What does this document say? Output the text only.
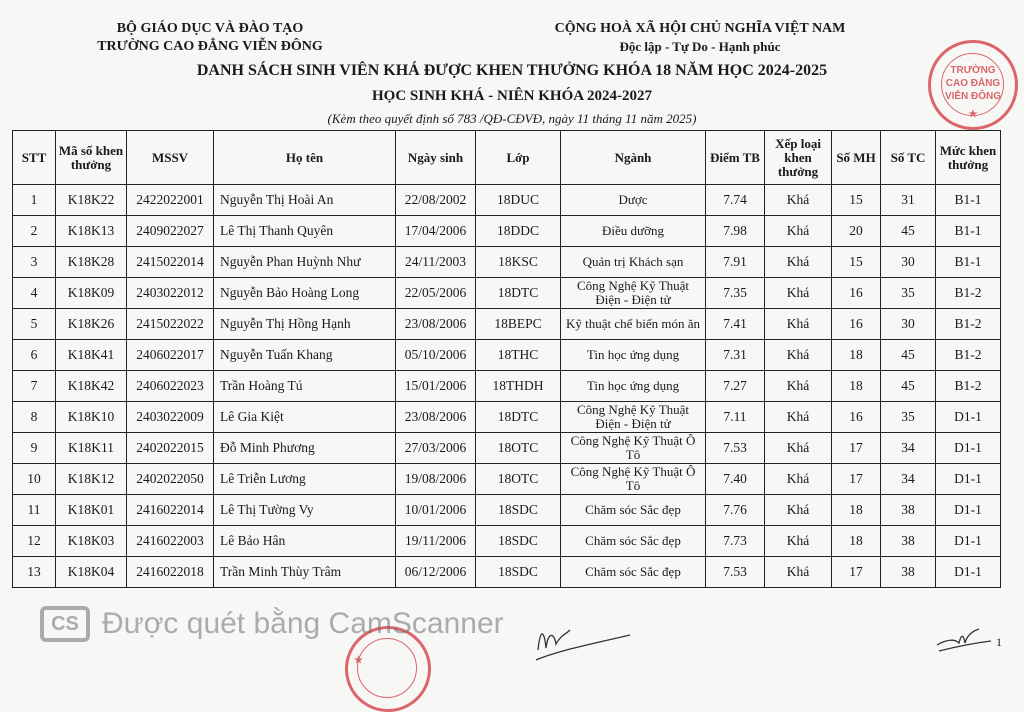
BỘ GIÁO DỤC VÀ ĐÀO TẠO
TRƯỜNG CAO ĐẲNG VIỄN ĐÔNG
CỘNG HOÀ XÃ HỘI CHỦ NGHĨA VIỆT NAM
Độc lập - Tự Do - Hạnh phúc
DANH SÁCH SINH VIÊN KHÁ ĐƯỢC KHEN THƯỞNG KHÓA 18 NĂM HỌC 2024-2025
HỌC SINH KHÁ - NIÊN KHÓA 2024-2027
(Kèm theo quyết định số 783 /QĐ-CĐVĐ, ngày 11 tháng 11 năm 2025)
STT	Mã số khen thưởng	MSSV	Họ tên	Ngày sinh	Lớp	Ngành	Điểm TB	Xếp loại khen thưởng	Số MH	Số TC	Mức khen thưởng
1	K18K22	2422022001	Nguyễn Thị Hoài An	22/08/2002	18DUC	Dược	7.74	Khá	15	31	B1-1
2	K18K13	2409022027	Lê Thị Thanh Quyên	17/04/2006	18DDC	Điều dưỡng	7.98	Khá	20	45	B1-1
3	K18K28	2415022014	Nguyễn Phan Huỳnh Như	24/11/2003	18KSC	Quản trị Khách sạn	7.91	Khá	15	30	B1-1
4	K18K09	2403022012	Nguyễn Bảo Hoàng Long	22/05/2006	18DTC	Công Nghệ Kỹ Thuật Điện - Điện tử	7.35	Khá	16	35	B1-2
5	K18K26	2415022022	Nguyễn Thị Hồng Hạnh	23/08/2006	18BEPC	Kỹ thuật chế biến món ăn	7.41	Khá	16	30	B1-2
6	K18K41	2406022017	Nguyễn Tuấn Khang	05/10/2006	18THC	Tin học ứng dụng	7.31	Khá	18	45	B1-2
7	K18K42	2406022023	Trần Hoàng Tú	15/01/2006	18THDH	Tin học ứng dụng	7.27	Khá	18	45	B1-2
8	K18K10	2403022009	Lê Gia Kiệt	23/08/2006	18DTC	Công Nghệ Kỹ Thuật Điện - Điện tử	7.11	Khá	16	35	D1-1
9	K18K11	2402022015	Đỗ Minh Phương	27/03/2006	18OTC	Công Nghệ Kỹ Thuật Ô Tô	7.53	Khá	17	34	D1-1
10	K18K12	2402022050	Lê Triễn Lương	19/08/2006	18OTC	Công Nghệ Kỹ Thuật Ô Tô	7.40	Khá	17	34	D1-1
11	K18K01	2416022014	Lê Thị Tường Vy	10/01/2006	18SDC	Chăm sóc Sắc đẹp	7.76	Khá	18	38	D1-1
12	K18K03	2416022003	Lê Bảo Hân	19/11/2006	18SDC	Chăm sóc Sắc đẹp	7.73	Khá	18	38	D1-1
13	K18K04	2416022018	Trần Minh Thùy Trâm	06/12/2006	18SDC	Chăm sóc Sắc đẹp	7.53	Khá	17	38	D1-1
TRƯỜNG
CAO ĐẲNG
VIỄN ĐÔNG
★
★
CS Được quét bằng CamScanner
1
